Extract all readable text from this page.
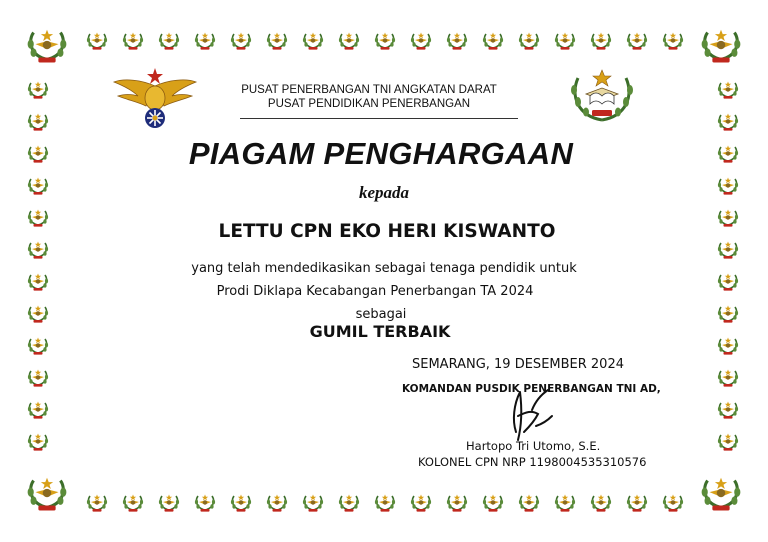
PUSAT PENERBANGAN TNI ANGKATAN DARAT
PUSAT PENDIDIKAN PENERBANGAN
PIAGAM PENGHARGAAN
kepada
LETTU CPN EKO HERI KISWANTO
yang telah mendedikasikan sebagai tenaga pendidik untuk
Prodi Diklapa Kecabangan Penerbangan TA 2024
sebagai
GUMIL TERBAIK
SEMARANG, 19 DESEMBER 2024
KOMANDAN PUSDIK PENERBANGAN TNI AD,
Hartopo Tri Utomo, S.E.
KOLONEL CPN NRP 1198004535310576
